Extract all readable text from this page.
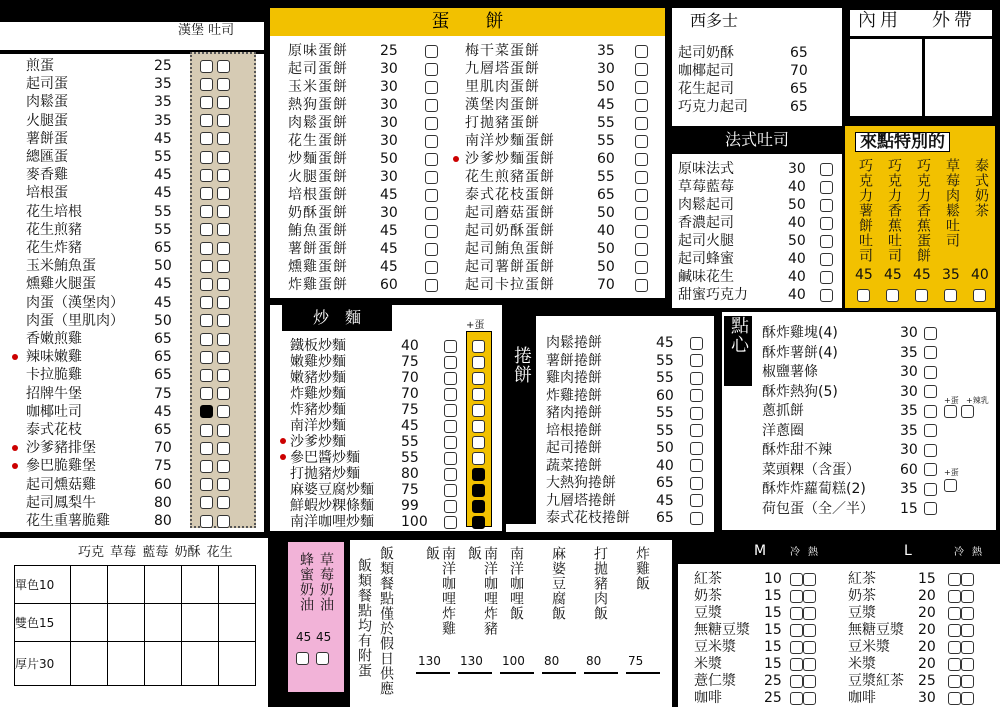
漢堡 吐司
煎蛋	25

起司蛋	35

肉鬆蛋	35

火腿蛋	35

薯餅蛋	45

總匯蛋	55

麥香雞	45

培根蛋	45

花生培根	55

花生煎豬	55

花生炸豬	65

玉米鮪魚蛋	50

燻雞火腿蛋	45

肉蛋（漢堡肉） 45

肉蛋（里肌肉） 50

香嫩煎雞	65

辣味嫩雞	65

卡拉脆雞	65

招牌牛堡	75

咖椰吐司	45

泰式花枝	65

沙爹豬排堡	70

參巴脆雞堡	75

起司燻菇雞	60

起司鳳梨牛	80

花生重薯脆雞	80

蛋　　餅
原味蛋餅 25
起司蛋餅 30
玉米蛋餅 30
熱狗蛋餅 30
肉鬆蛋餅 30
花生蛋餅 30
炒麵蛋餅 50
火腿蛋餅 30
培根蛋餅 45
奶酥蛋餅 30
鮪魚蛋餅 45
薯餅蛋餅 45
燻雞蛋餅 45
炸雞蛋餅 60
梅干菜蛋餅	35
九層塔蛋餅	30
里肌肉蛋餅	50
漢堡肉蛋餅	45
打拋豬蛋餅	55
南洋炒麵蛋餅	55
沙爹炒麵蛋餅	60
花生煎豬蛋餅	55
泰式花枝蛋餅	65
起司蘑菇蛋餅	50
起司奶酥蛋餅	40
起司鮪魚蛋餅	50
起司薯餅蛋餅	50
起司卡拉蛋餅	70
西多士
起司奶酥	65
咖椰起司	70
花生起司	65
巧克力起司	65
原味法式	30
草莓藍莓	40
肉鬆起司	50
香濃起司	40
起司火腿	50
起司蜂蜜	40
鹹味花生	40
甜蜜巧克力	40
法式吐司
內用 外帶
來點特別的
巧克力薯餅吐司
45
巧克力香蕉吐司
45
巧克力香蕉蛋餅
45
草莓肉鬆吐司
35
泰式奶茶
40
炒　麵	+蛋
鐵板炒麵	40
嫩雞炒麵	75
嫩豬炒麵	70
炸雞炒麵	70
炸豬炒麵	75
南洋炒麵	45
沙爹炒麵	55
參巴醬炒麵	55
打拋豬炒麵	80
麻婆豆腐炒麵 75
鮮蝦炒粿條麵 99
南洋咖哩炒麵 100
捲餅
肉鬆捲餅	45
薯餅捲餅	55
雞肉捲餅	55
炸雞捲餅	60
豬肉捲餅	55
培根捲餅	55
起司捲餅	50
蔬菜捲餅	40
大熱狗捲餅	65
九層塔捲餅	45
泰式花枝捲餅 65
點心 酥炸雞塊(4)	30
酥炸薯餅(4)	35
椒鹽薯條	30
酥炸熱狗(5)	30
蔥抓餅	35
洋蔥圈	35
酥炸甜不辣	30
菜頭粿（含蛋）	60
酥炸炸蘿蔔糕(2) 35
荷包蛋（全／半） 15
+蛋 +辣乳

+蛋
巧克 草莓 藍莓 奶酥 花生
單色10					
雙色15					
厚片30					
草莓奶油
蜂蜜奶油
45 45	飯類餐點僅於假日供應
飯類餐點均有附蛋	南洋咖哩炸雞飯
130
南洋咖哩炸豬飯
130
南洋咖哩飯
100
麻婆豆腐飯
80
打拋豬肉飯
80
炸雞飯
75
M 冷 熱	L	冷 熱
紅茶	10	紅茶	15
奶茶	15	奶茶	20
豆漿	15	豆漿	20
無糖豆漿 15	無糖豆漿 20
豆米漿 15	豆米漿 20
米漿	15	米漿	20
薏仁漿 25	豆漿紅茶 25
咖啡	25	咖啡	30
